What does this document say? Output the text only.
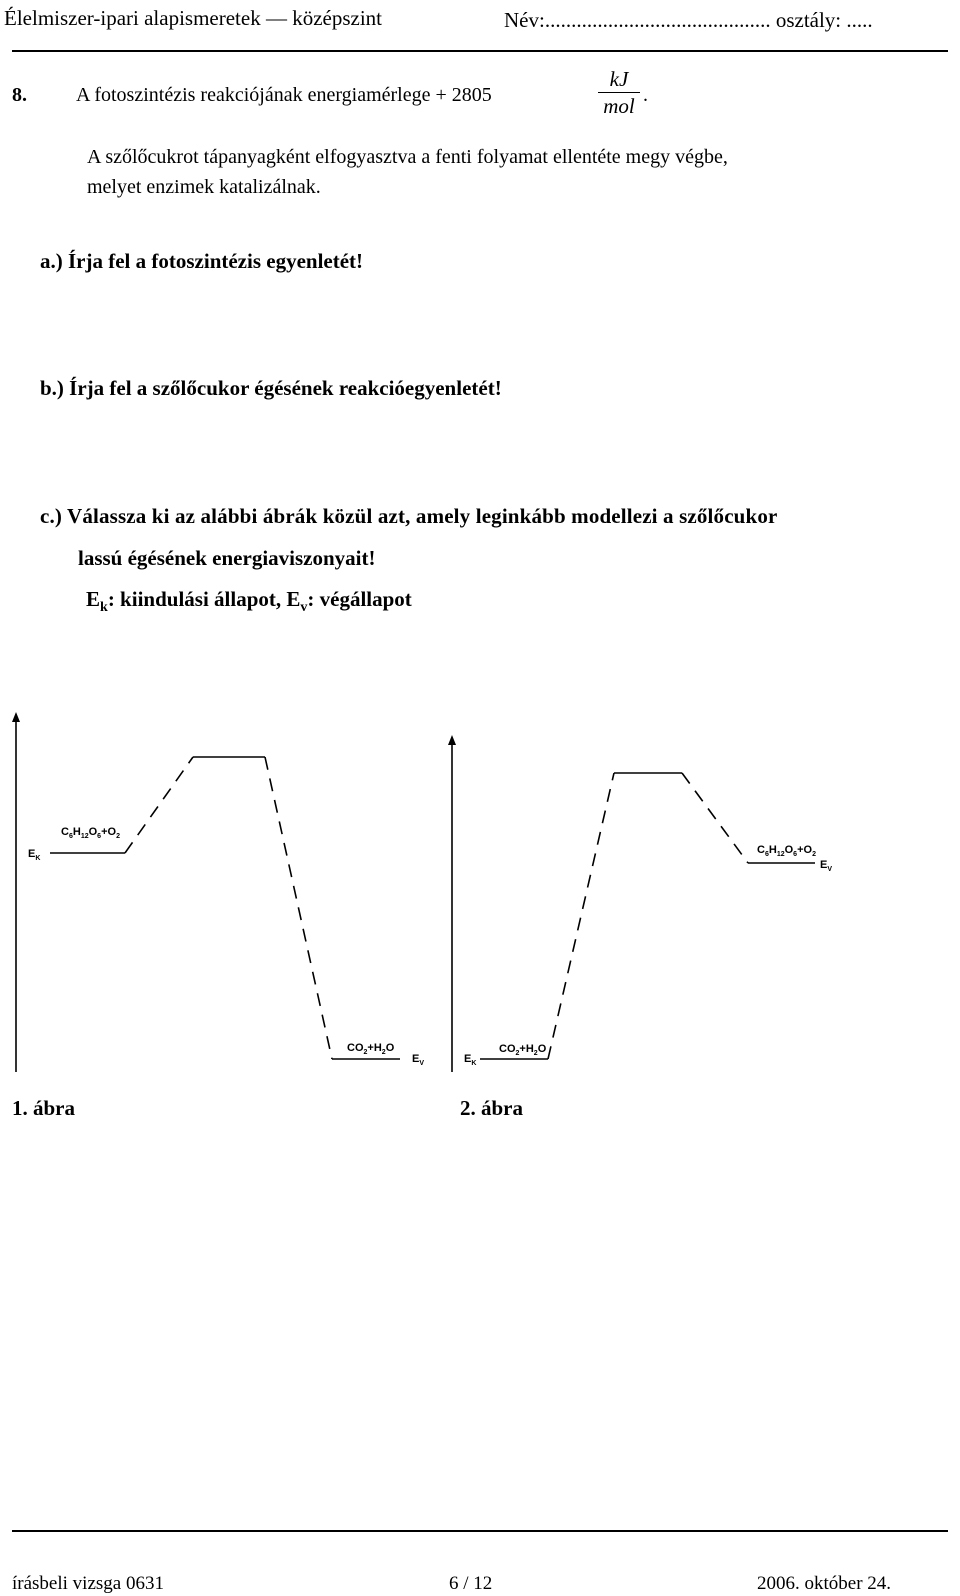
Élelmiszer-ipari alapismeretek — középszint	Név:........................................... osztály: .....
8. A fotoszintézis reakciójának energiamérlege + 2805
kJ
mol .
A szőlőcukrot tápanyagként elfogyasztva a fenti folyamat ellentéte megy végbe,
melyet enzimek katalizálnak.
a.) Írja fel a fotoszintézis egyenletét!
b.) Írja fel a szőlőcukor égésének reakcióegyenletét!
c.) Válassza ki az alábbi ábrák közül azt, amely leginkább modellezi a szőlőcukor
lassú égésének energiaviszonyait!
$E_k$: kiindulási állapot, $E_v$: végállapot
$E_K$
$C_6H_{12}O_6+O_2$
$CO_2+H_2O$
$E_V$	$E_K$
$CO_2+H_2O$
$C_6H_{12}O_6+O_2$
$E_V$
1. ábra	2. ábra
írásbeli vizsga 0631	6 / 12	2006. október 24.
